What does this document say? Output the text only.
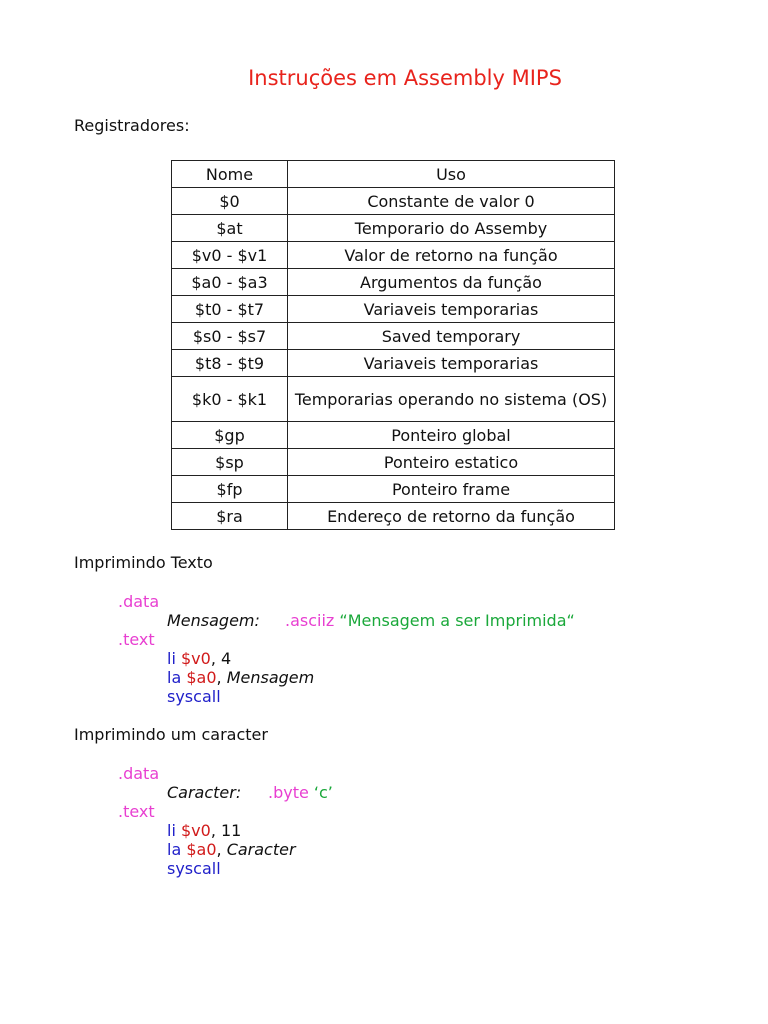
Instruções em Assembly MIPS
Registradores:
Nome	Uso
$0	Constante de valor 0
$at	Temporario do Assemby
$v0 - $v1	Valor de retorno na função
$a0 - $a3	Argumentos da função
$t0 - $t7	Variaveis temporarias
$s0 - $s7	Saved temporary
$t8 - $t9	Variaveis temporarias
$k0 - $k1	Temporarias operando no sistema (OS)
$gp	Ponteiro global
$sp	Ponteiro estatico
$fp	Ponteiro frame
$ra	Endereço de retorno da função
Imprimindo Texto
.data
Mensagem: .asciiz “Mensagem a ser Imprimida“
.text
li $v0, 4
la $a0, Mensagem
syscall
Imprimindo um caracter
.data
Caracter: .byte ‘c’
.text
li $v0, 11
la $a0, Caracter
syscall
